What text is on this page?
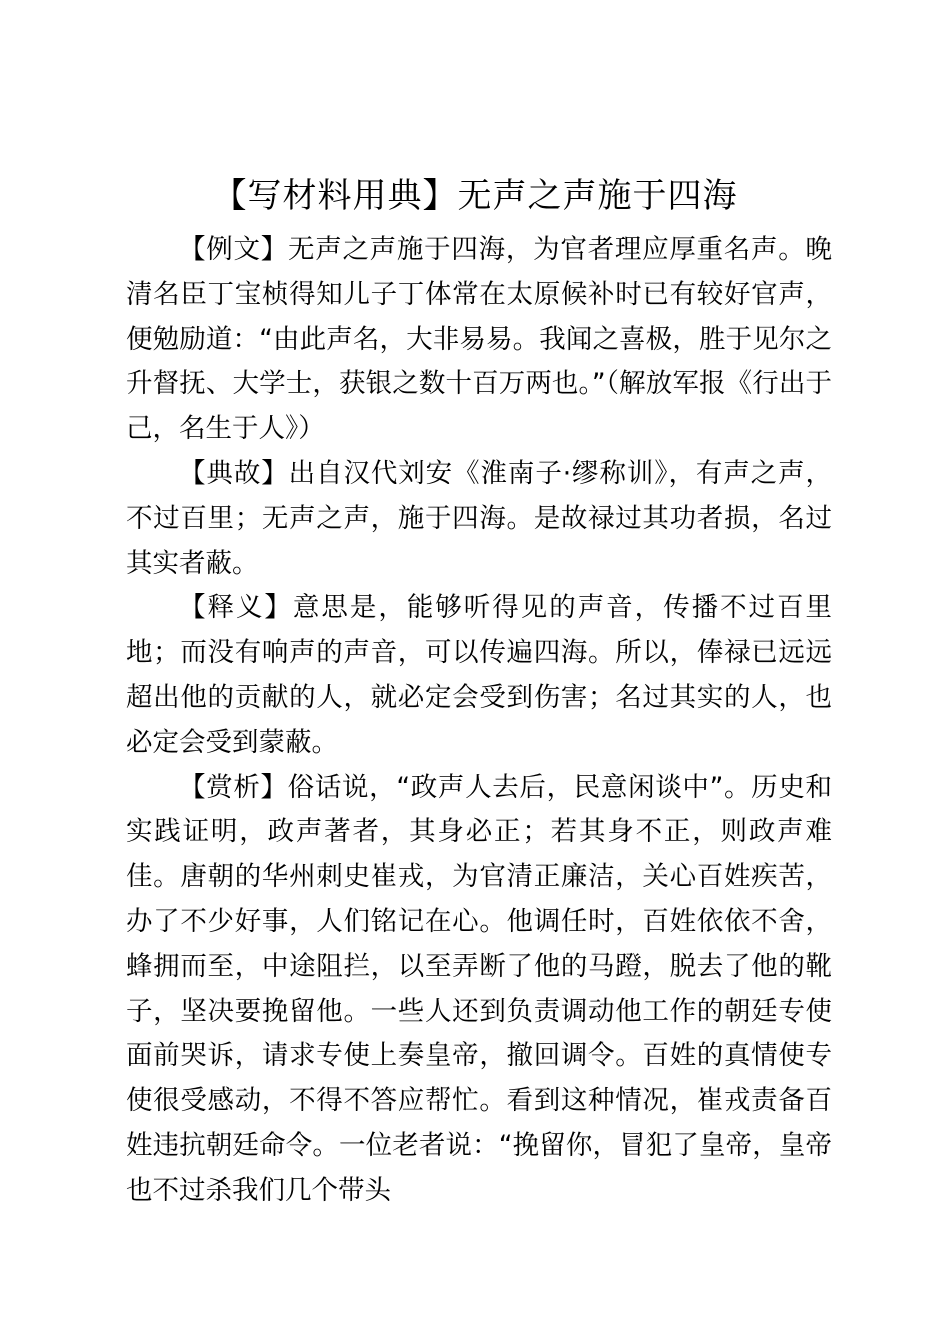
【写材料用典】无声之声施于四海

【例文】无声之声施于四海，为官者理应厚重名声。晚清名臣丁宝桢得知儿子丁体常在太原候补时已有较好官声，便勉励道：“由此声名，大非易易。我闻之喜极，胜于见尔之升督抚、大学士，获银之数十百万两也。”（解放军报《行出于己，名生于人》）

【典故】出自汉代刘安《淮南子·缪称训》，有声之声，不过百里；无声之声，施于四海。是故禄过其功者损，名过其实者蔽。

【释义】意思是，能够听得见的声音，传播不过百里地；而没有响声的声音，可以传遍四海。所以，俸禄已远远超出他的贡献的人，就必定会受到伤害；名过其实的人，也必定会受到蒙蔽。

【赏析】俗话说，“政声人去后，民意闲谈中”。历史和实践证明，政声著者，其身必正；若其身不正，则政声难佳。唐朝的华州刺史崔戎，为官清正廉洁，关心百姓疾苦，办了不少好事，人们铭记在心。他调任时，百姓依依不舍，蜂拥而至，中途阻拦，以至弄断了他的马蹬，脱去了他的靴子，坚决要挽留他。一些人还到负责调动他工作的朝廷专使面前哭诉，请求专使上奏皇帝，撤回调令。百姓的真情使专使很受感动，不得不答应帮忙。看到这种情况，崔戎责备百姓违抗朝廷命令。一位老者说：“挽留你，冒犯了皇帝，皇帝也不过杀我们几个带头
